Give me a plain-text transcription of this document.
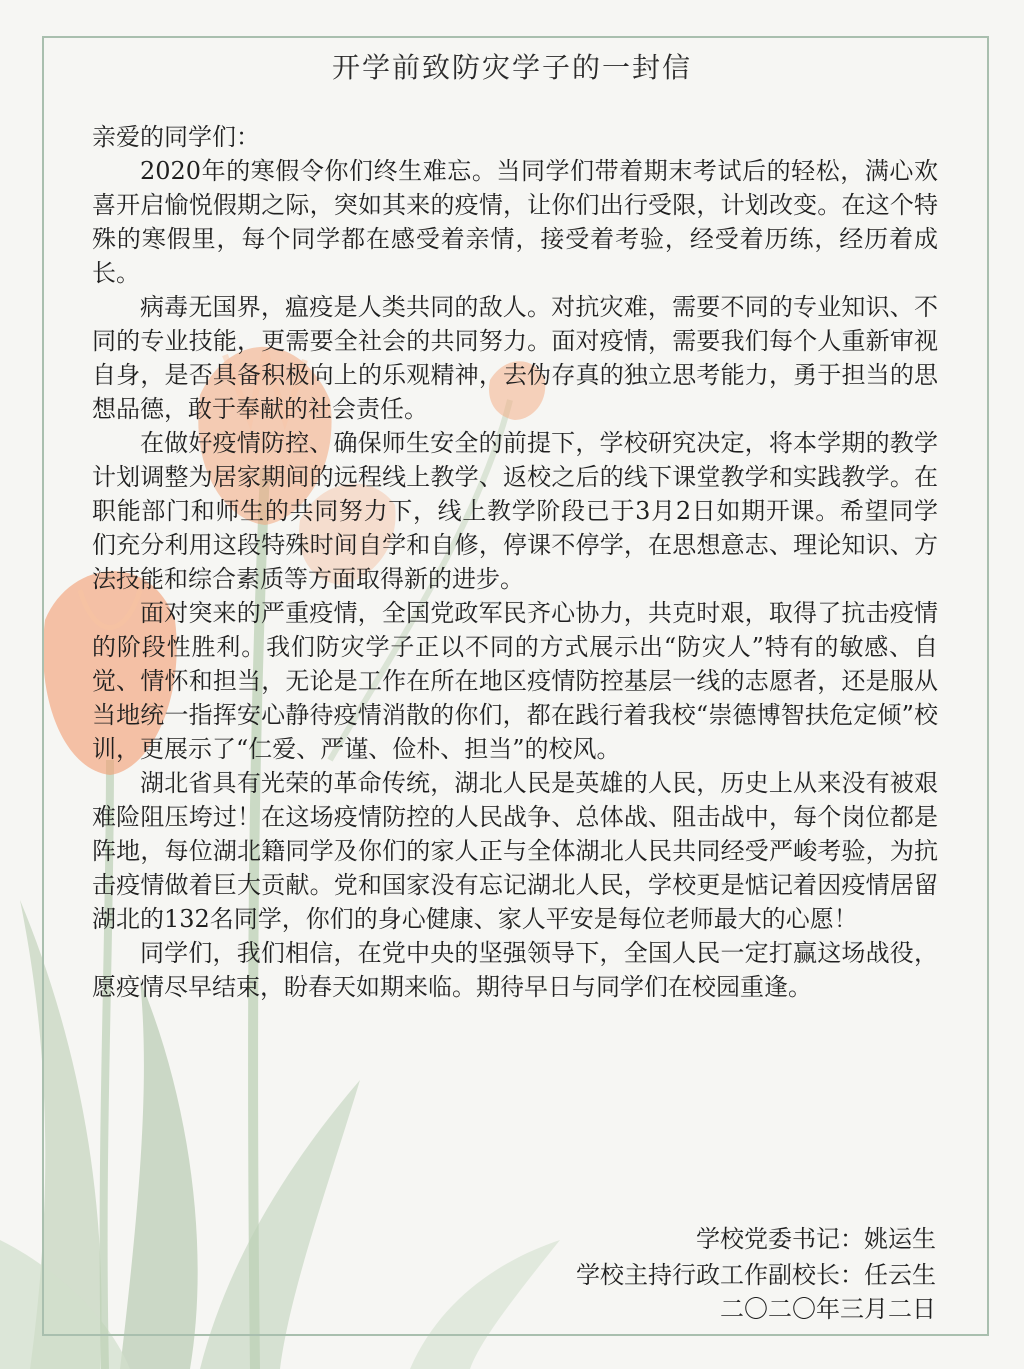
开学前致防灾学子的一封信

亲爱的同学们：

2020年的寒假令你们终生难忘。当同学们带着期末考试后的轻松，满心欢喜开启愉悦假期之际，突如其来的疫情，让你们出行受限，计划改变。在这个特殊的寒假里，每个同学都在感受着亲情，接受着考验，经受着历练，经历着成长。

病毒无国界，瘟疫是人类共同的敌人。对抗灾难，需要不同的专业知识、不同的专业技能，更需要全社会的共同努力。面对疫情，需要我们每个人重新审视自身，是否具备积极向上的乐观精神，去伪存真的独立思考能力，勇于担当的思想品德，敢于奉献的社会责任。

在做好疫情防控、确保师生安全的前提下，学校研究决定，将本学期的教学计划调整为居家期间的远程线上教学、返校之后的线下课堂教学和实践教学。在职能部门和师生的共同努力下，线上教学阶段已于3月2日如期开课。希望同学们充分利用这段特殊时间自学和自修，停课不停学，在思想意志、理论知识、方法技能和综合素质等方面取得新的进步。

面对突来的严重疫情，全国党政军民齐心协力，共克时艰，取得了抗击疫情的阶段性胜利。我们防灾学子正以不同的方式展示出“防灾人”特有的敏感、自觉、情怀和担当，无论是工作在所在地区疫情防控基层一线的志愿者，还是服从当地统一指挥安心静待疫情消散的你们，都在践行着我校“崇德博智扶危定倾”校训，更展示了“仁爱、严谨、俭朴、担当”的校风。

湖北省具有光荣的革命传统，湖北人民是英雄的人民，历史上从来没有被艰难险阻压垮过！在这场疫情防控的人民战争、总体战、阻击战中，每个岗位都是阵地，每位湖北籍同学及你们的家人正与全体湖北人民共同经受严峻考验，为抗击疫情做着巨大贡献。党和国家没有忘记湖北人民，学校更是惦记着因疫情居留湖北的132名同学，你们的身心健康、家人平安是每位老师最大的心愿！

同学们，我们相信，在党中央的坚强领导下，全国人民一定打赢这场战役，愿疫情尽早结束，盼春天如期来临。期待早日与同学们在校园重逢。

学校党委书记：姚运生
学校主持行政工作副校长：任云生
二〇二〇年三月二日
